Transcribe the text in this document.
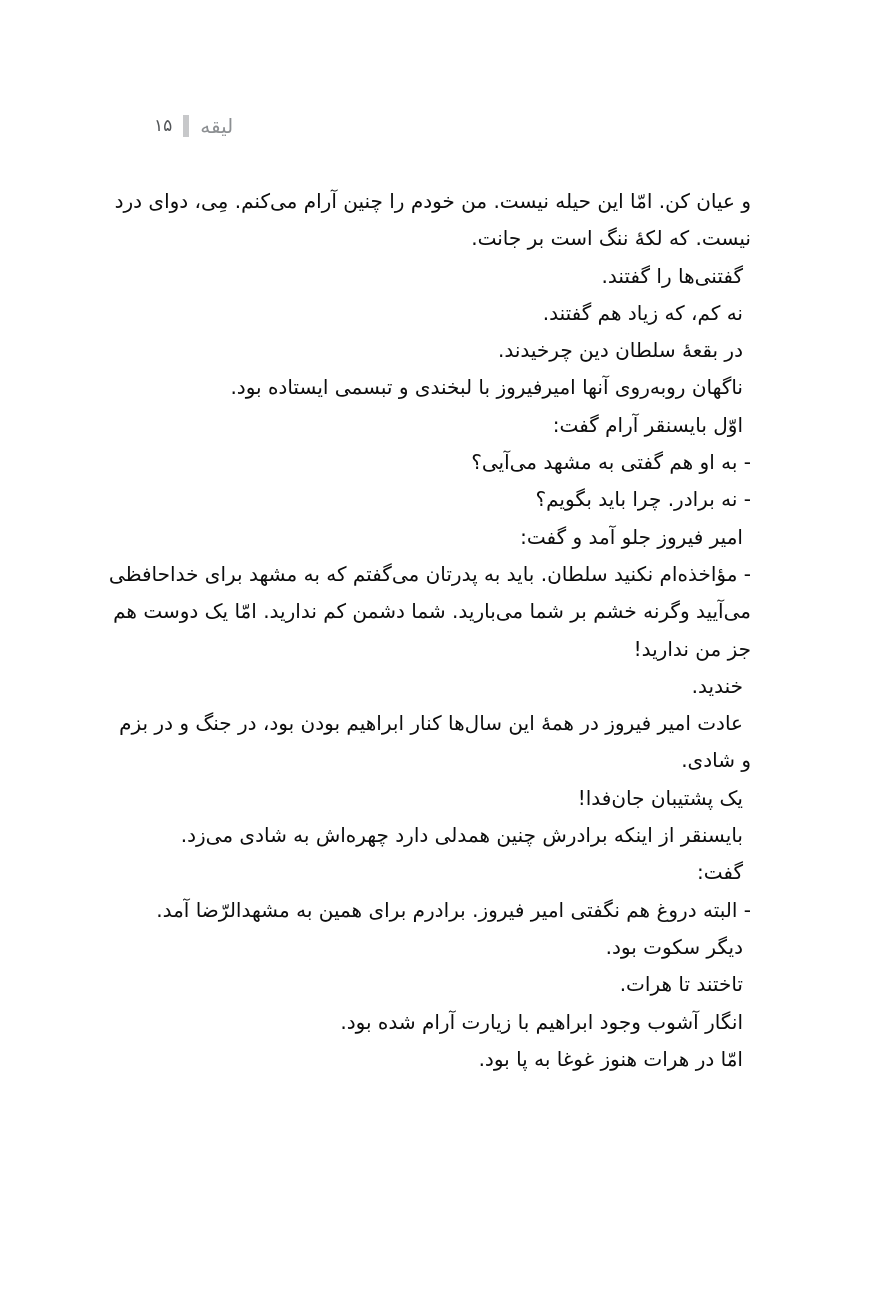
لیقه
۱۵
و عیان کن. امّا این حیله نیست. من خودم را چنین آرام می‌کنم. مِی، دوای درد
نیست. که لکۀ ننگ است بر جانت.
گفتنی‌ها را گفتند.
نه کم، که زیاد هم گفتند.
در بقعۀ سلطان دین چرخیدند.
ناگهان روبه‌روی آنها امیرفیروز با لبخندی و تبسمی ایستاده بود.
اوّل بایسنقر آرام گفت:
- به او هم گفتی به مشهد می‌آیی؟
- نه برادر. چرا باید بگویم؟
امیر فیروز جلو آمد و گفت:
- مؤاخذه‌ام نکنید سلطان. باید به پدرتان می‌گفتم که به مشهد برای خداحافظی
می‌آیید وگرنه خشم بر شما می‌بارید. شما دشمن کم ندارید. امّا یک دوست هم
جز من ندارید!
خندید.
عادت امیر فیروز در همۀ این سال‌ها کنار ابراهیم بودن بود، در جنگ و در بزم
و شادی.
یک پشتیبان جان‌فدا!
بایسنقر از اینکه برادرش چنین همدلی دارد چهره‌اش به شادی می‌زد.
گفت:
- البته دروغ هم نگفتی امیر فیروز. برادرم برای همین به مشهدالرّضا آمد.
دیگر سکوت بود.
تاختند تا هرات.
انگار آشوب وجود ابراهیم با زیارت آرام شده بود.
امّا در هرات هنوز غوغا به پا بود.
